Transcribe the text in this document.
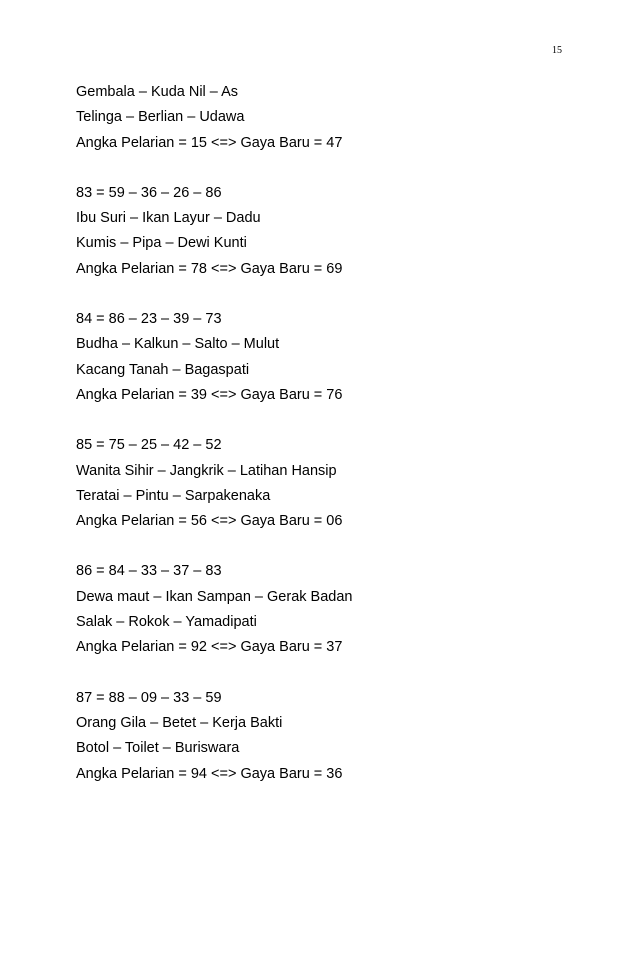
15
Gembala – Kuda Nil – As
Telinga – Berlian – Udawa
Angka Pelarian = 15 <=> Gaya Baru = 47
83 = 59 – 36 – 26 – 86
Ibu Suri – Ikan Layur – Dadu
Kumis – Pipa – Dewi Kunti
Angka Pelarian = 78 <=> Gaya Baru = 69
84 = 86 – 23 – 39 – 73
Budha – Kalkun – Salto – Mulut
Kacang Tanah – Bagaspati
Angka Pelarian = 39 <=> Gaya Baru = 76
85 = 75 – 25 – 42 – 52
Wanita Sihir – Jangkrik – Latihan Hansip
Teratai – Pintu – Sarpakenaka
Angka Pelarian = 56 <=> Gaya Baru = 06
86 = 84 – 33 – 37 – 83
Dewa maut – Ikan Sampan – Gerak Badan
Salak – Rokok – Yamadipati
Angka Pelarian = 92 <=> Gaya Baru = 37
87 = 88 – 09 – 33 – 59
Orang Gila – Betet – Kerja Bakti
Botol – Toilet – Buriswara
Angka Pelarian = 94 <=> Gaya Baru = 36
